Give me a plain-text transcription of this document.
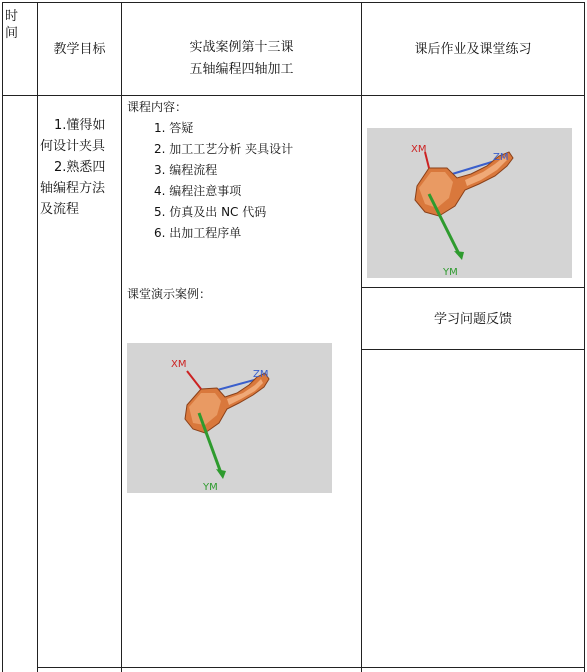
时间
教学目标	实战案例第十三课
五轴编程四轴加工
课后作业及课堂练习
1.懂得如
何设计夹具
2.熟悉四
轴编程方法
及流程
课程内容：
1. 答疑
2. 加工工艺分析 夹具设计
3. 编程流程
4. 编程注意事项
5. 仿真及出 NC 代码
6. 出加工程序单
课堂演示案例：
XM
ZM
YM
XM
ZM
YM
学习问题反馈
